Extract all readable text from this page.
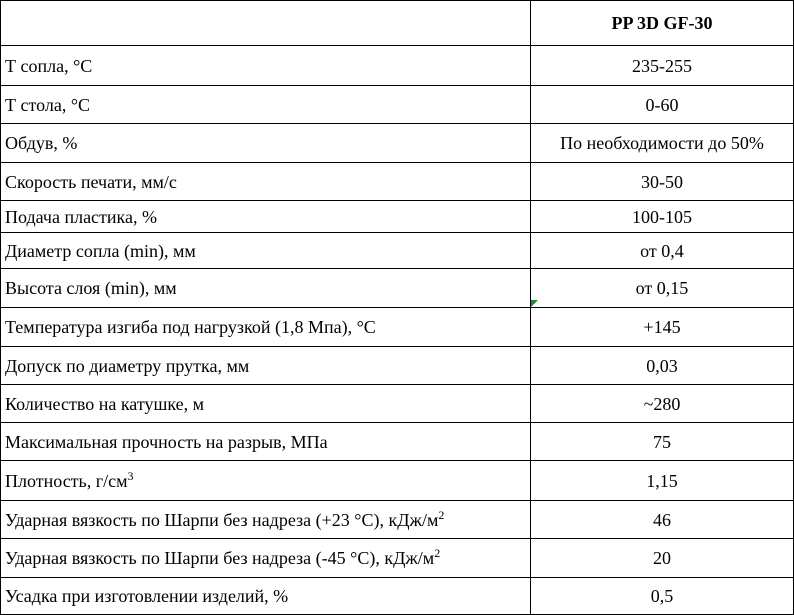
	PP 3D GF-30
Т сопла, °С	235-255
Т стола, °С	0-60
Обдув, %	По необходимости до 50%
Скорость печати, мм/с	30-50
Подача пластика, %	100-105
Диаметр сопла (min), мм	от 0,4
Высота слоя (min), мм	от 0,15
Температура изгиба под нагрузкой (1,8 Мпа), °С	+145
Допуск по диаметру прутка, мм	0,03
Количество на катушке, м	~280
Максимальная прочность на разрыв, МПа	75
Плотность, $г/см^3$	1,15
Ударная вязкость по Шарпи без надреза (+23 °С), кДж/$м^2$	46
Ударная вязкость по Шарпи без надреза (-45 °С), кДж/$м^2$	20
Усадка при изготовлении изделий, %	0,5
